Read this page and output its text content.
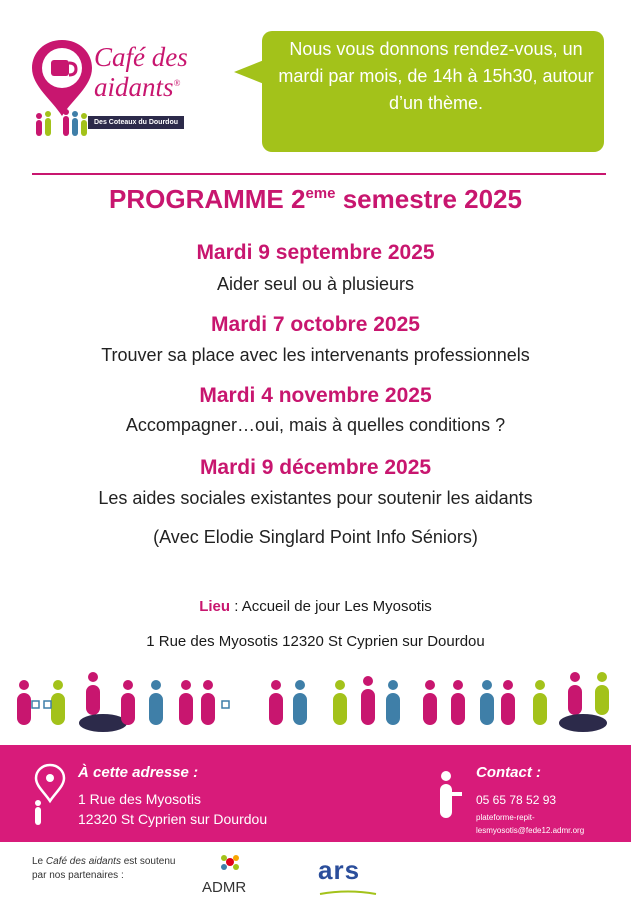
Café des
aidants®
Des Coteaux du Dourdou
Nous vous donnons rendez-vous, un mardi par mois, de 14h à 15h30, autour d’un thème.
PROGRAMME 2eme semestre 2025
Mardi 9 septembre 2025
Aider seul ou à plusieurs
Mardi 7 octobre 2025
Trouver sa place avec les intervenants professionnels
Mardi 4 novembre 2025
Accompagner…oui, mais à quelles conditions ?
Mardi 9 décembre 2025
Les aides sociales existantes pour soutenir les aidants
(Avec Elodie Singlard Point Info Séniors)
Lieu : Accueil de jour Les Myosotis
1 Rue des Myosotis 12320 St Cyprien sur Dourdou
À cette adresse :
1 Rue des Myosotis
12320 St Cyprien sur Dourdou
Contact :
05 65 78 52 93
plateforme-repit-
lesmyosotis@fede12.admr.org
Le Café des aidants est soutenu
par nos partenaires :
ADMR
ars
